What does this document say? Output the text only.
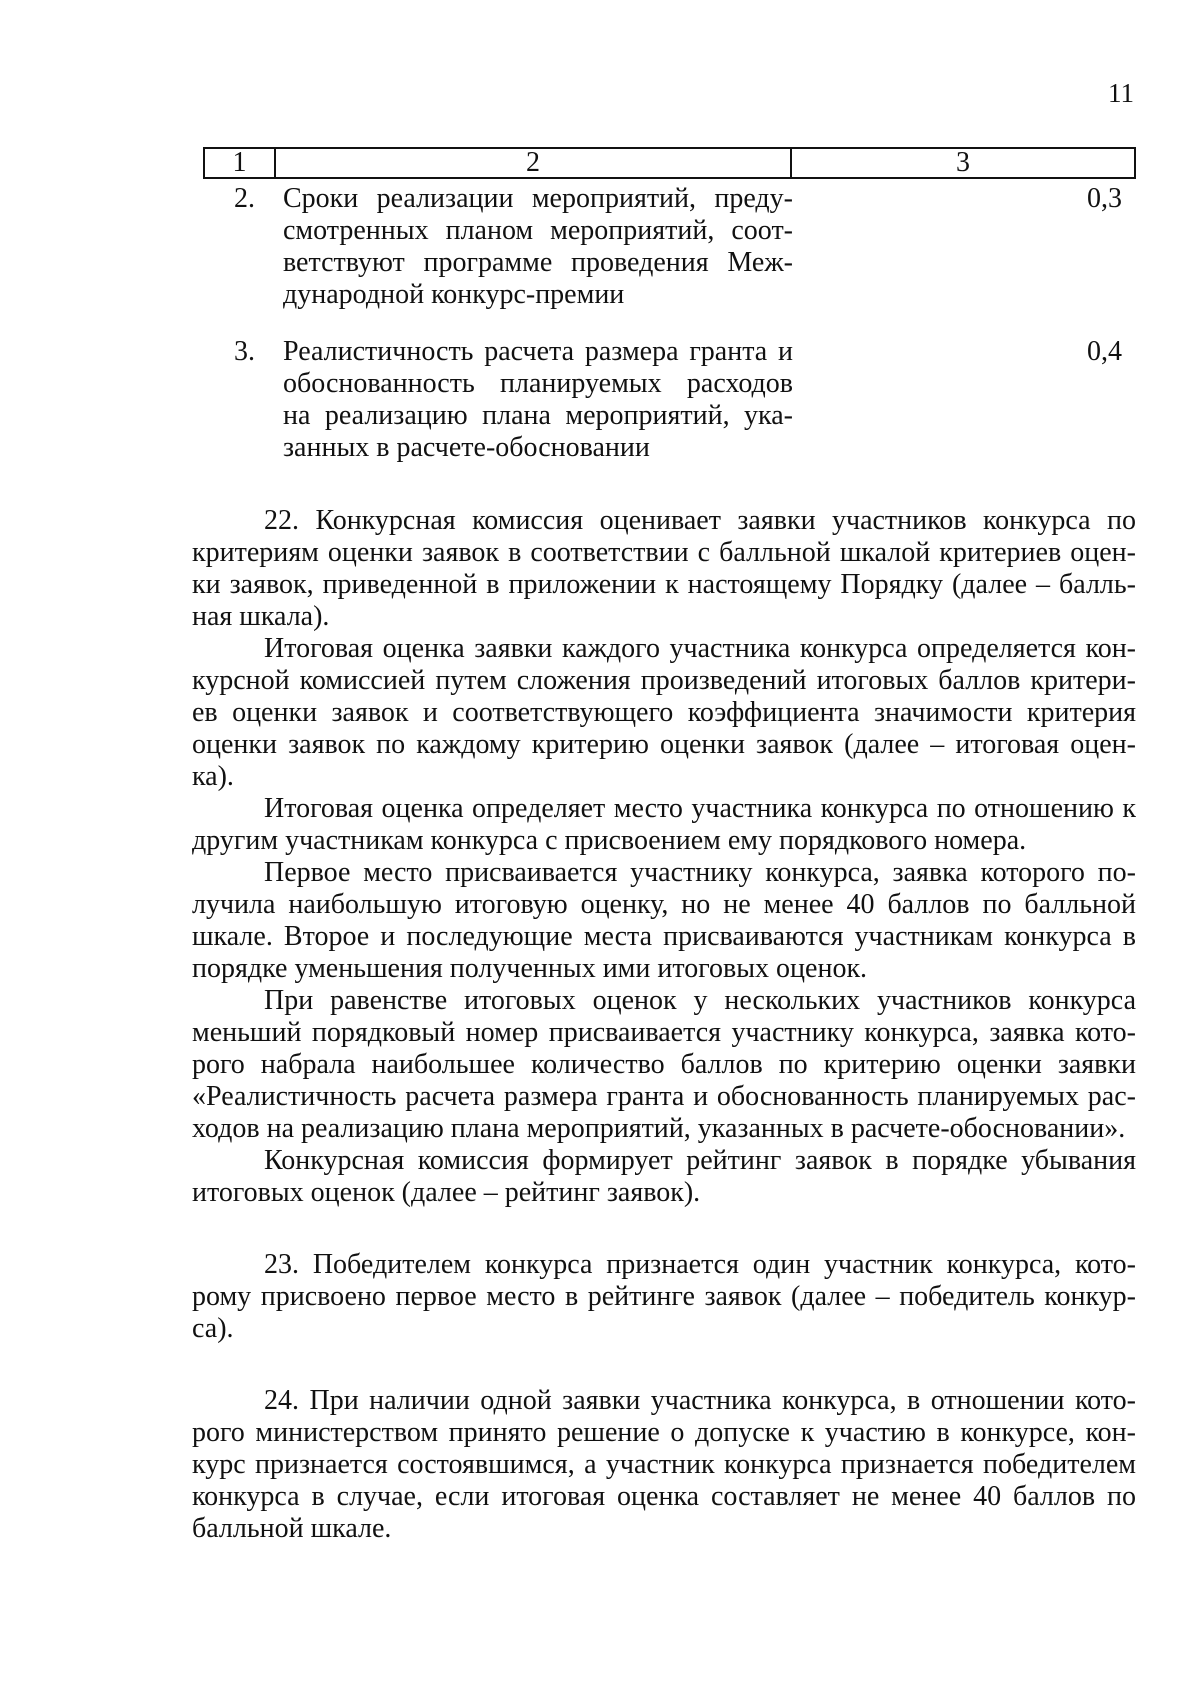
11
1	2	3
2. Сроки реализации мероприятий, преду-
смотренных планом мероприятий, соот-
ветствуют программе проведения Меж-
дународной конкурс-премии
0,3
3. Реалистичность расчета размера гранта и
обоснованность планируемых расходов
на реализацию плана мероприятий, ука-
занных в расчете-обосновании
0,4

22. Конкурсная комиссия оценивает заявки участников конкурса по
критериям оценки заявок в соответствии с балльной шкалой критериев оцен-
ки заявок, приведенной в приложении к настоящему Порядку (далее – балль-
ная шкала).

Итоговая оценка заявки каждого участника конкурса определяется кон-
курсной комиссией путем сложения произведений итоговых баллов критери-
ев оценки заявок и соответствующего коэффициента значимости критерия
оценки заявок по каждому критерию оценки заявок (далее – итоговая оцен-
ка).

Итоговая оценка определяет место участника конкурса по отношению к
другим участникам конкурса с присвоением ему порядкового номера.

Первое место присваивается участнику конкурса, заявка которого по-
лучила наибольшую итоговую оценку, но не менее 40 баллов по балльной
шкале. Второе и последующие места присваиваются участникам конкурса в
порядке уменьшения полученных ими итоговых оценок.

При равенстве итоговых оценок у нескольких участников конкурса
меньший порядковый номер присваивается участнику конкурса, заявка кото-
рого набрала наибольшее количество баллов по критерию оценки заявки
«Реалистичность расчета размера гранта и обоснованность планируемых рас-
ходов на реализацию плана мероприятий, указанных в расчете-обосновании».

Конкурсная комиссия формирует рейтинг заявок в порядке убывания
итоговых оценок (далее – рейтинг заявок).

23. Победителем конкурса признается один участник конкурса, кото-
рому присвоено первое место в рейтинге заявок (далее – победитель конкур-
са).

24. При наличии одной заявки участника конкурса, в отношении кото-
рого министерством принято решение о допуске к участию в конкурсе, кон-
курс признается состоявшимся, а участник конкурса признается победителем
конкурса в случае, если итоговая оценка составляет не менее 40 баллов по
балльной шкале.
